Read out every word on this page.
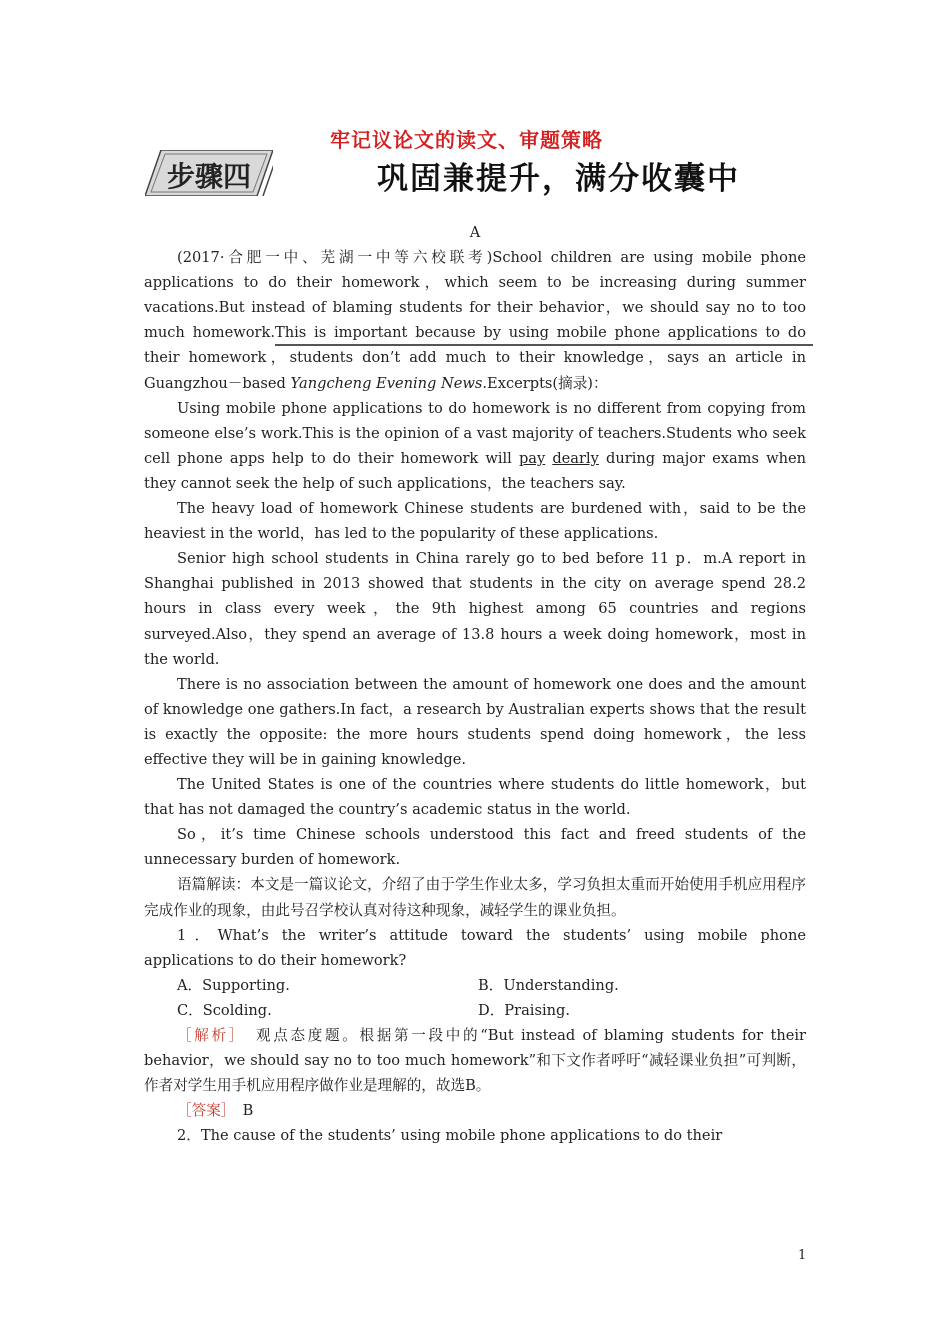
牢记议论文的读文、审题策略
步骤四	巩固兼提升，满分收囊中

A

(2017·合肥一中、芜湖一中等六校联考)School children are using mobile phone applications to do their homework，which seem to be increasing during summer vacations.But instead of blaming students for their behavior，we should say no to too much homework.This is important because by using mobile phone applications to do their homework，students don’t add much to their knowledge，says an article in Guangzhou－based Yangcheng Evening News.Excerpts(摘录)：

Using mobile phone applications to do homework is no different from copying from someone else’s work.This is the opinion of a vast majority of teachers.Students who seek cell phone apps help to do their homework will pay dearly during major exams when they cannot seek the help of such applications，the teachers say.

The heavy load of homework Chinese students are burdened with，said to be the heaviest in the world，has led to the popularity of these applications.

Senior high school students in China rarely go to bed before 11 p．m.A report in Shanghai published in 2013 showed that students in the city on average spend 28.2 hours in class every week，the 9th highest among 65 countries and regions surveyed.Also，they spend an average of 13.8 hours a week doing homework，most in the world.

There is no association between the amount of homework one does and the amount of knowledge one gathers.In fact，a research by Australian experts shows that the result is exactly the opposite: the more hours students spend doing homework，the less effective they will be in gaining knowledge.

The United States is one of the countries where students do little homework，but that has not damaged the country’s academic status in the world.

So，it’s time Chinese schools understood this fact and freed students of the unnecessary burden of homework.

语篇解读：本文是一篇议论文，介绍了由于学生作业太多，学习负担太重而开始使用手机应用程序完成作业的现象，由此号召学校认真对待这种现象，减轻学生的课业负担。

1．What’s the writer’s attitude toward the students’ using mobile phone applications to do their homework?

A．Supporting.	B．Understanding.
C．Scolding.	D．Praising.

［解析］　观点态度题。根据第一段中的“But instead of blaming students for their behavior，we should say no to too much homework”和下文作者呼吁“减轻课业负担”可判断，作者对学生用手机应用程序做作业是理解的，故选B。

［答案］　B

2．The cause of the students’ using mobile phone applications to do their

1
